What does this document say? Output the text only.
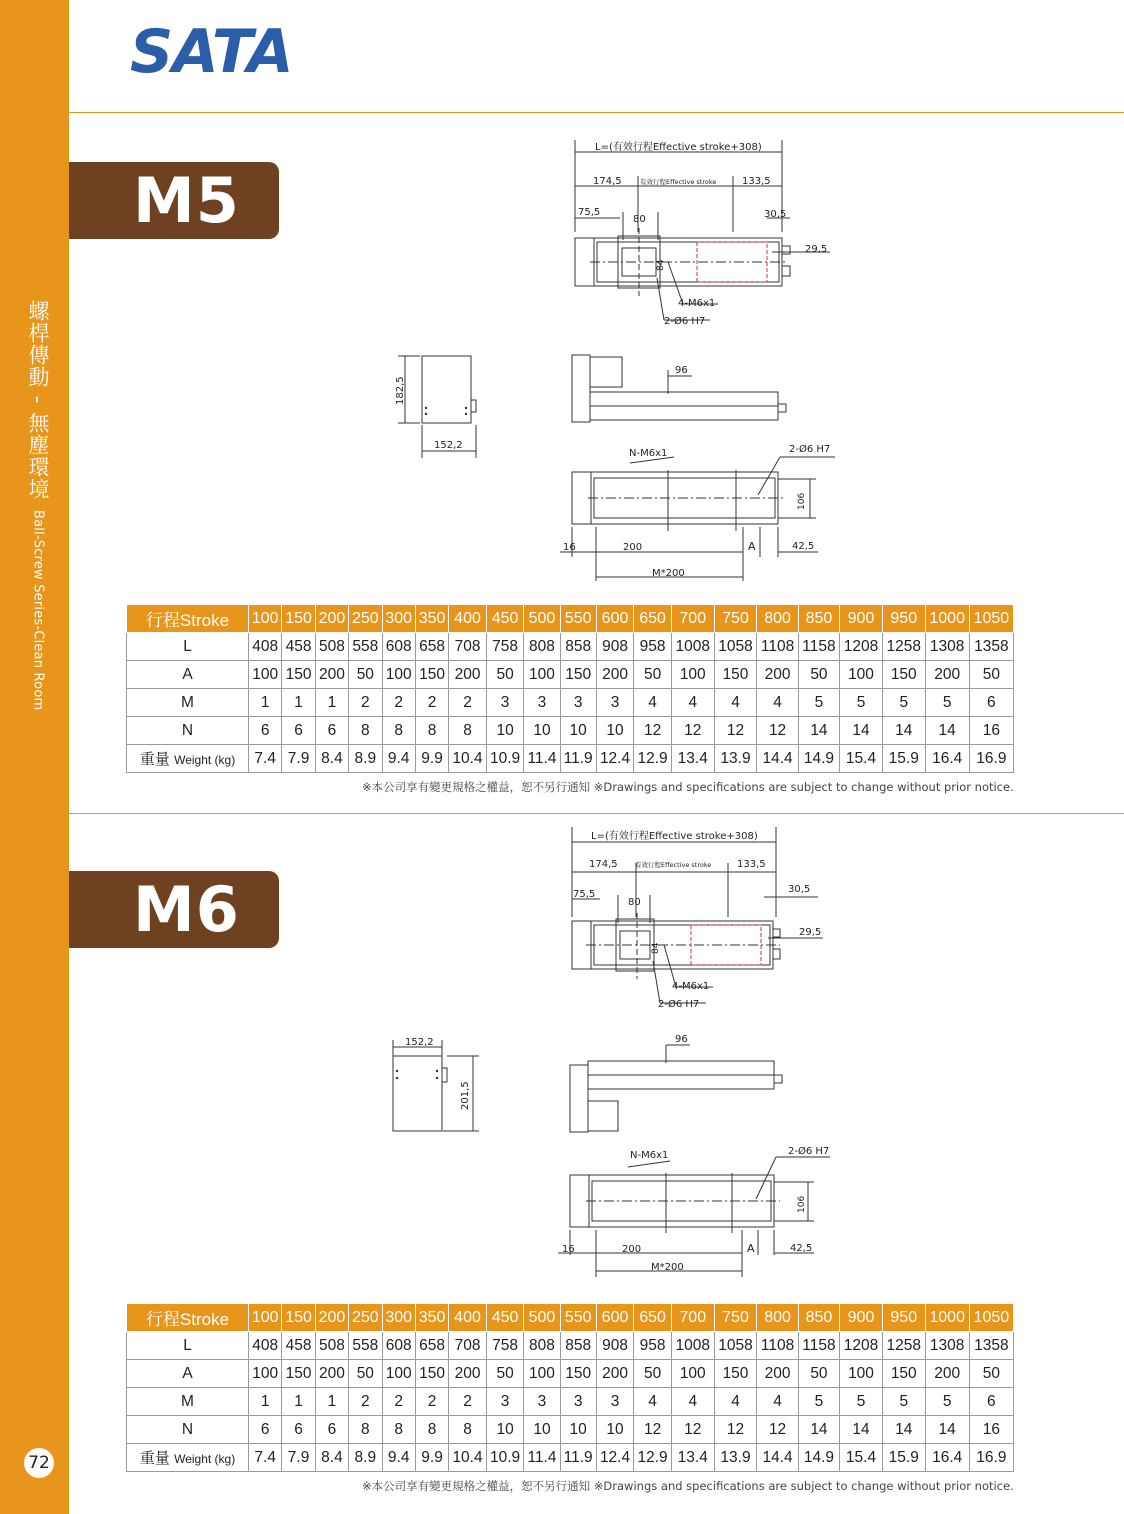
螺桿傳動 - 無塵環境
Ball-Screw Series-Clean Room
72
SATA
M5
M6
L=(有效行程Effective stroke+308)
174,5	有效行程Effective stroke	133,5
75,5
80	30,5
29,5
84
4-M6x1
2-Ø6 H7
182,5
152,2
96
N-M6x1	2-Ø6 H7
106
16	200	A	42,5
M*200
行程Stroke	100	150	200	250	300	350	400	450	500	550	600	650	700	750	800	850	900	950	1000	1050
L	408	458	508	558	608	658	708	758	808	858	908	958	1008	1058	1108	1158	1208	1258	1308	1358
A	100	150	200	50	100	150	200	50	100	150	200	50	100	150	200	50	100	150	200	50
M	1	1	1	2	2	2	2	3	3	3	3	4	4	4	4	5	5	5	5	6
N	6	6	6	8	8	8	8	10	10	10	10	12	12	12	12	14	14	14	14	16
重量 Weight (kg)	7.4	7.9	8.4	8.9	9.4	9.9	10.4	10.9	11.4	11.9	12.4	12.9	13.4	13.9	14.4	14.9	15.4	15.9	16.4	16.9
※本公司享有變更規格之權益，恕不另行通知 ※Drawings and specifications are subject to change without prior notice.
L=(有效行程Effective stroke+308)
174,5	有效行程Effective stroke	133,5
75,5
80
30,5
29,5
84
4-M6x1
2-Ø6 H7
152,2
201,5
96
N-M6x1	2-Ø6 H7
106
16	200	A	42,5
M*200
行程Stroke	100	150	200	250	300	350	400	450	500	550	600	650	700	750	800	850	900	950	1000	1050
L	408	458	508	558	608	658	708	758	808	858	908	958	1008	1058	1108	1158	1208	1258	1308	1358
A	100	150	200	50	100	150	200	50	100	150	200	50	100	150	200	50	100	150	200	50
M	1	1	1	2	2	2	2	3	3	3	3	4	4	4	4	5	5	5	5	6
N	6	6	6	8	8	8	8	10	10	10	10	12	12	12	12	14	14	14	14	16
重量 Weight (kg)	7.4	7.9	8.4	8.9	9.4	9.9	10.4	10.9	11.4	11.9	12.4	12.9	13.4	13.9	14.4	14.9	15.4	15.9	16.4	16.9
※本公司享有變更規格之權益，恕不另行通知 ※Drawings and specifications are subject to change without prior notice.
